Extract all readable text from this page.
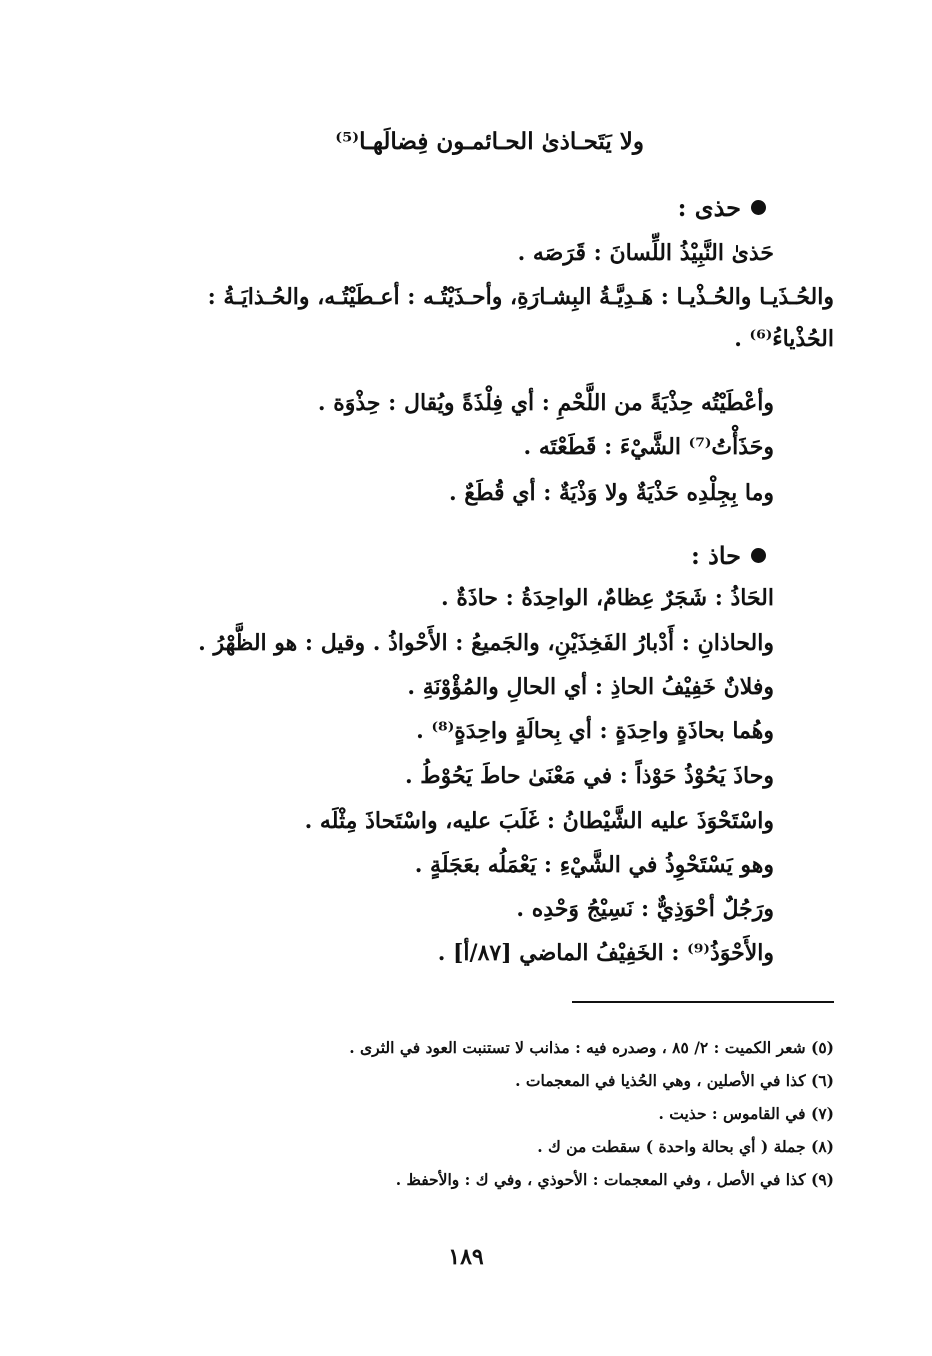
ولا يَتَحـاذىٰ الحـائمـون فِضالَهـا⁽⁵⁾
حذى :
حَذىٰ النَّبِيْذُ اللِّسانَ : قَرَصَه .
والحُـذَيـا والحُـذْيـا : هَـدِيَّـةُ البِشـارَةِ، وأحـذَيْتُـه : أعـطَيْتُـه، والحُـذايَـةُ :
الحُذْياءُ⁽⁶⁾ .
وأعْطَيْتُه حِذْيَةً من اللَّحْمِ : أي فِلْذَةً ويُقال : حِذْوَة .
وحَذَأْتُ⁽⁷⁾ الشَّيْءَ : قَطَعْتَه .
وما بِجِلْدِه حَذْيَةٌ ولا وَذْيَةٌ : أي قُطَعٌ .
حاذ :
الحَاذُ : شَجَرٌ عِظامٌ، الواحِدَةُ : حاذَةٌ .
والحاذانِ : أَدْبارُ الفَخِذَيْنِ، والجَميعُ : الأَحْواذُ . وقيل : هو الظَّهْرُ .
وفلانٌ خَفِيْفُ الحاذِ : أي الحالِ والمُؤْوْنَةِ .
وهُما بحاذَةٍ واحِدَةٍ : أي بِحالَةٍ واحِدَةٍ⁽⁸⁾ .
وحاذَ يَحُوْذُ حَوْذاً : في مَعْنَىٰ حاطَ يَحُوْطُ .
واسْتَحْوَذَ عليه الشَّيْطانُ : غَلَبَ عليه، واسْتَحاذَ مِثْلَه .
وهو يَسْتَحْوِذُ في الشَّيْءِ : يَعْمَلُه بعَجَلَةٍ .
ورَجُلٌ أحْوَذِيٌّ : نَسِيْجُ وَحْدِه .
والأَحْوَذُ⁽⁹⁾ : الخَفِيْفُ الماضي [٨٧/أ] .
(٥) شعر الكميت : ٢/ ٨٥ ، وصدره فيه : مذانب لا تستنبت العود في الثرى .
(٦) كذا في الأصلين ، وهي الحُذيا في المعجمات .
(٧) في القاموس : حذيت .
(٨) جملة ( أي بحالة واحدة ) سقطت من ك .
(٩) كذا في الأصل ، وفي المعجمات : الأحوذي ، وفي ك : والأحفظ .
١٨٩
